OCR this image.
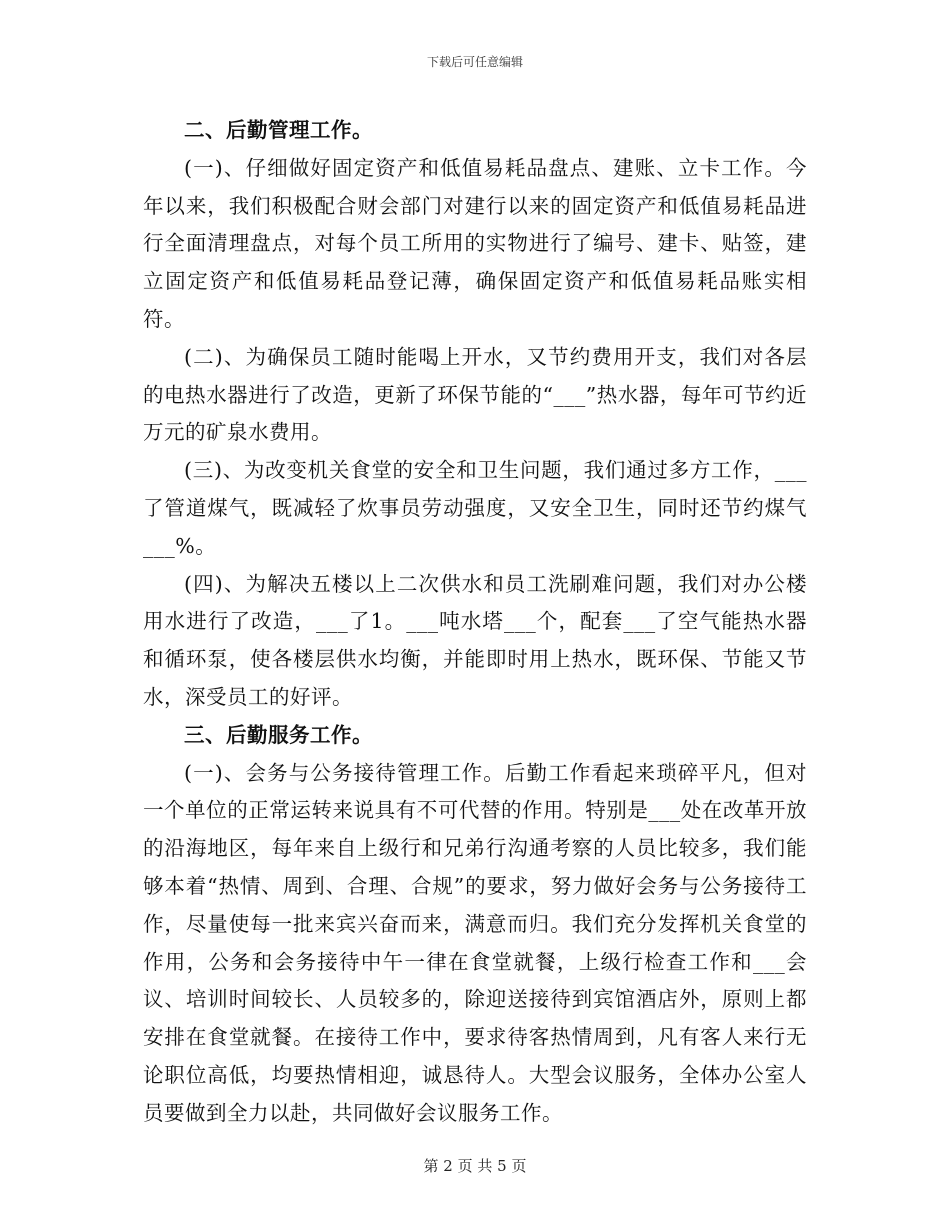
下载后可任意编辑

二、后勤管理工作。

(一)、仔细做好固定资产和低值易耗品盘点、建账、立卡工作。今年以来，我们积极配合财会部门对建行以来的固定资产和低值易耗品进行全面清理盘点，对每个员工所用的实物进行了编号、建卡、贴签，建立固定资产和低值易耗品登记薄，确保固定资产和低值易耗品账实相符。

(二)、为确保员工随时能喝上开水，又节约费用开支，我们对各层的电热水器进行了改造，更新了环保节能的“___”热水器，每年可节约近万元的矿泉水费用。

(三)、为改变机关食堂的安全和卫生问题，我们通过多方工作，___了管道煤气，既减轻了炊事员劳动强度，又安全卫生，同时还节约煤气___%。

(四)、为解决五楼以上二次供水和员工洗刷难问题，我们对办公楼用水进行了改造，___了1。___吨水塔___个，配套___了空气能热水器和循环泵，使各楼层供水均衡，并能即时用上热水，既环保、节能又节水，深受员工的好评。

三、后勤服务工作。

(一)、会务与公务接待管理工作。后勤工作看起来琐碎平凡，但对一个单位的正常运转来说具有不可代替的作用。特别是___处在改革开放的沿海地区，每年来自上级行和兄弟行沟通考察的人员比较多，我们能够本着“热情、周到、合理、合规”的要求，努力做好会务与公务接待工作，尽量使每一批来宾兴奋而来，满意而归。我们充分发挥机关食堂的作用，公务和会务接待中午一律在食堂就餐，上级行检查工作和___会议、培训时间较长、人员较多的，除迎送接待到宾馆酒店外，原则上都安排在食堂就餐。在接待工作中，要求待客热情周到，凡有客人来行无论职位高低，均要热情相迎，诚恳待人。大型会议服务，全体办公室人员要做到全力以赴，共同做好会议服务工作。

第 2 页 共 5 页
